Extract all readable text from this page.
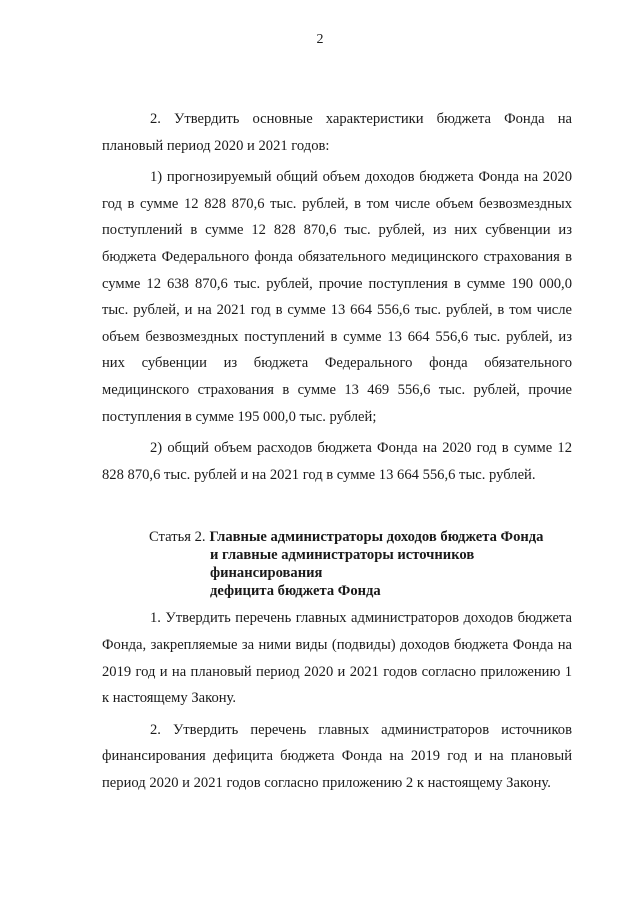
2

2. Утвердить основные характеристики бюджета Фонда на плановый период 2020 и 2021 годов:

1) прогнозируемый общий объем доходов бюджета Фонда на 2020 год в сумме 12 828 870,6 тыс. рублей, в том числе объем безвозмездных поступлений в сумме 12 828 870,6 тыс. рублей, из них субвенции из бюджета Федерального фонда обязательного медицинского страхования в сумме 12 638 870,6 тыс. рублей, прочие поступления в сумме 190 000,0 тыс. рублей, и на 2021 год в сумме 13 664 556,6 тыс. рублей, в том числе объем безвозмездных поступлений в сумме 13 664 556,6 тыс. рублей, из них субвенции из бюджета Федерального фонда обязательного медицинского страхования в сумме 13 469 556,6 тыс. рублей, прочие поступления в сумме 195 000,0 тыс. рублей;

2) общий объем расходов бюджета Фонда на 2020 год в сумме 12 828 870,6 тыс. рублей и на 2021 год в сумме 13 664 556,6 тыс. рублей.

Статья 2. Главные администраторы доходов бюджета Фонда
и главные администраторы источников финансирования
дефицита бюджета Фонда

1. Утвердить перечень главных администраторов доходов бюджета Фонда, закрепляемые за ними виды (подвиды) доходов бюджета Фонда на 2019 год и на плановый период 2020 и 2021 годов согласно приложению 1 к настоящему Закону.

2. Утвердить перечень главных администраторов источников финансирования дефицита бюджета Фонда на 2019 год и на плановый период 2020 и 2021 годов согласно приложению 2 к настоящему Закону.
